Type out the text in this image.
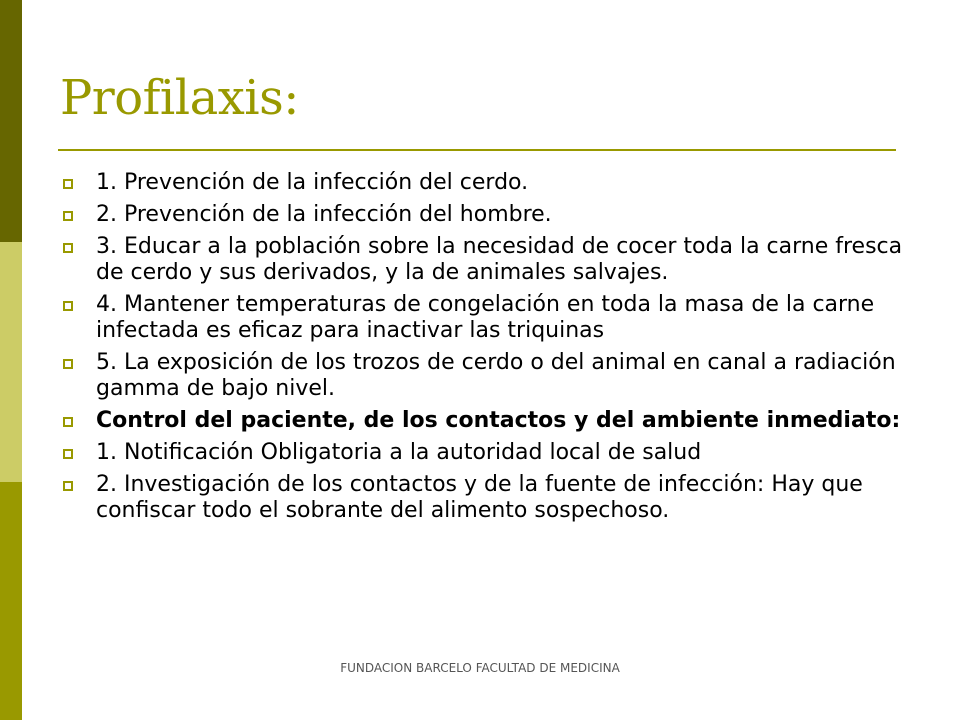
Profilaxis:
1. Prevención de la infección del cerdo.
2. Prevención de la infección del hombre.
3. Educar a la población sobre la necesidad de cocer toda la carne fresca de cerdo y sus derivados, y la de animales salvajes.
4. Mantener temperaturas de congelación en toda la masa de la carne infectada es eficaz para inactivar las triquinas
5. La exposición de los trozos de cerdo o del animal en canal a radiación gamma de bajo nivel.
Control del paciente, de los contactos y del ambiente inmediato:
1. Notificación Obligatoria a la autoridad local de salud
2. Investigación de los contactos y de la fuente de infección: Hay que confiscar todo el sobrante del alimento sospechoso.
FUNDACION BARCELO FACULTAD DE MEDICINA
